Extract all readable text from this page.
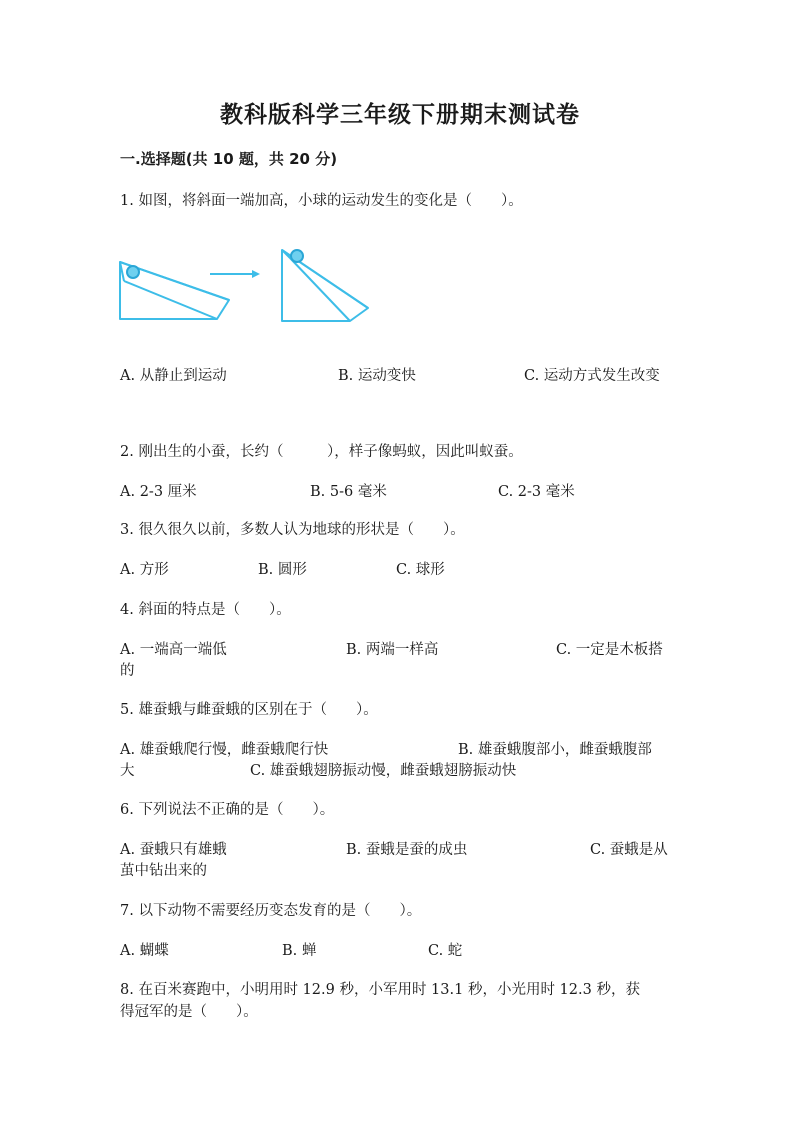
教科版科学三年级下册期末测试卷
一.选择题(共 10 题，共 20 分)
1. 如图，将斜面一端加高，小球的运动发生的变化是（　　）。
A. 从静止到运动	B. 运动变快	C. 运动方式发生改变
2. 刚出生的小蚕，长约（　　　），样子像蚂蚁，因此叫蚁蚕。
A. 2-3 厘米	B. 5-6 毫米	C. 2-3 毫米
3. 很久很久以前，多数人认为地球的形状是（　　）。
A. 方形	B. 圆形	C. 球形
4. 斜面的特点是（　　）。
A. 一端高一端低	B. 两端一样高	C. 一定是木板搭
的
5. 雄蚕蛾与雌蚕蛾的区别在于（　　）。
A. 雄蚕蛾爬行慢，雌蚕蛾爬行快	B. 雄蚕蛾腹部小，雌蚕蛾腹部
大	C. 雄蚕蛾翅膀振动慢，雌蚕蛾翅膀振动快
6. 下列说法不正确的是（　　）。
A. 蚕蛾只有雄蛾	B. 蚕蛾是蚕的成虫	C. 蚕蛾是从
茧中钻出来的
7. 以下动物不需要经历变态发育的是（　　）。
A. 蝴蝶	B. 蝉	C. 蛇
8. 在百米赛跑中，小明用时 12.9 秒，小军用时 13.1 秒，小光用时 12.3 秒，获
得冠军的是（　　）。
